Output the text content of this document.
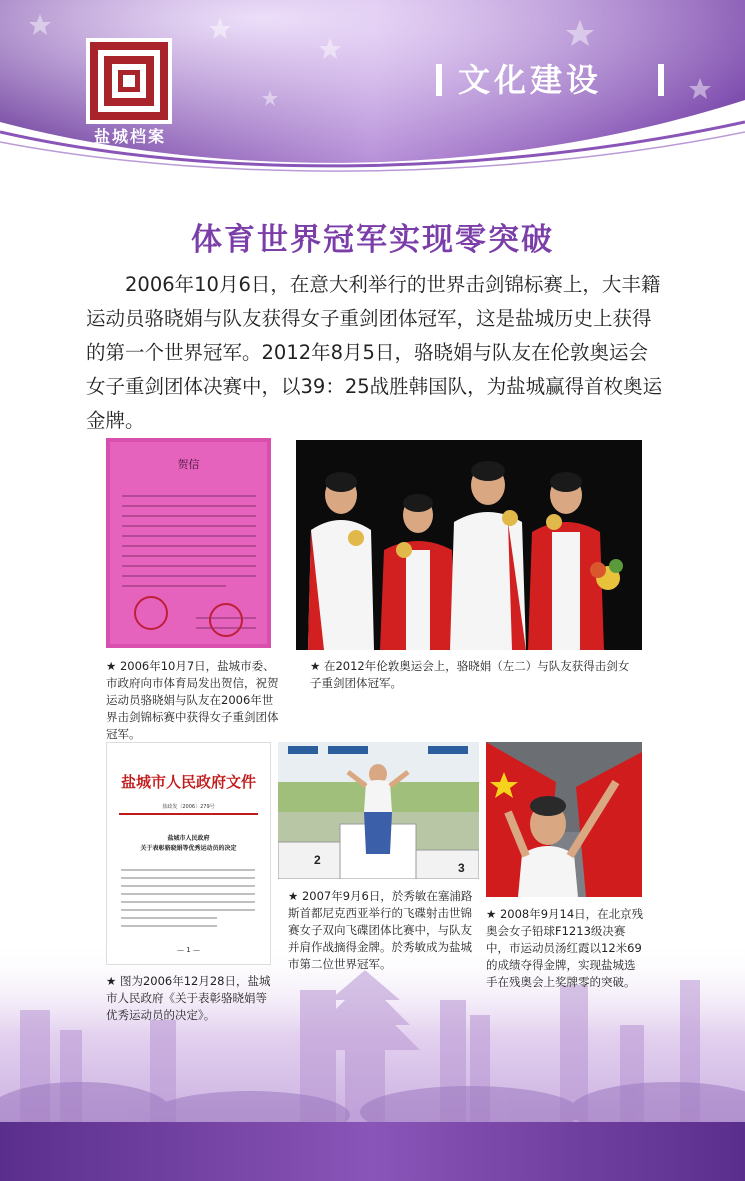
盐城档案
文化建设
体育世界冠军实现零突破

2006年10月6日，在意大利举行的世界击剑锦标赛上，大丰籍运动员骆晓娟与队友获得女子重剑团体冠军，这是盐城历史上获得的第一个世界冠军。2012年8月5日，骆晓娟与队友在伦敦奥运会女子重剑团体决赛中，以39：25战胜韩国队，为盐城赢得首枚奥运金牌。

贺信

★ 2006年10月7日，盐城市委、市政府向市体育局发出贺信，祝贺运动员骆晓娟与队友在2006年世界击剑锦标赛中获得女子重剑团体冠军。

★ 在2012年伦敦奥运会上，骆晓娟（左二）与队友获得击剑女子重剑团体冠军。

盐城市人民政府文件
盐政发〔2006〕279号
盐城市人民政府
关于表彰骆晓娟等优秀运动员的决定
— 1 —

★ 图为2006年12月28日，盐城市人民政府《关于表彰骆晓娟等优秀运动员的决定》。

2
3

★ 2007年9月6日，於秀敏在塞浦路斯首都尼克西亚举行的飞碟射击世锦赛女子双向飞碟团体比赛中，与队友并肩作战摘得金牌。於秀敏成为盐城市第二位世界冠军。

★ 2008年9月14日，在北京残奥会女子铅球F1213级决赛中，市运动员汤红霞以12米69的成绩夺得金牌，实现盐城选手在残奥会上奖牌零的突破。
